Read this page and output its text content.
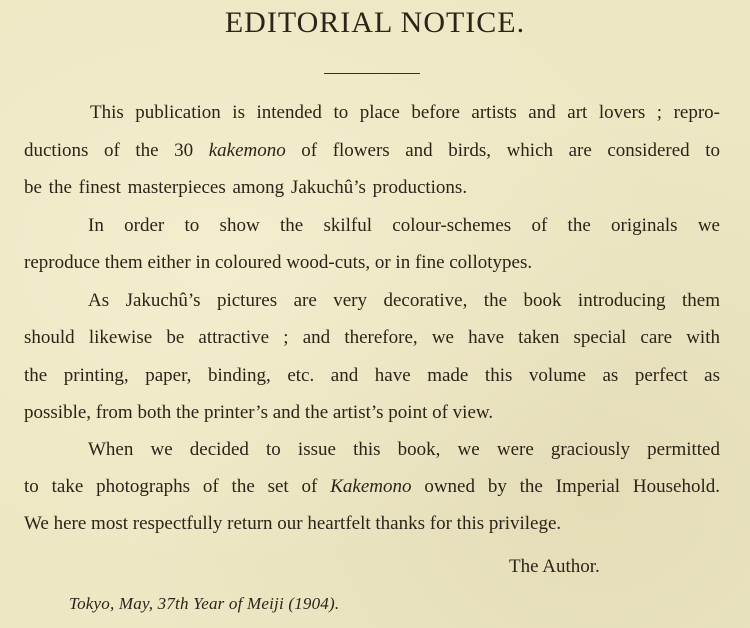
EDITORIAL NOTICE.
This publication is intended to place before artists and art lovers ; repro-
ductions of the 30 kakemono of flowers and birds, which are considered to
be the finest masterpieces among Jakuchû’s productions.
In order to show the skilful colour-schemes of the originals we
reproduce them either in coloured wood-cuts, or in fine collotypes.
As Jakuchû’s pictures are very decorative, the book introducing them
should likewise be attractive ; and therefore, we have taken special care with
the printing, paper, binding, etc. and have made this volume as perfect as
possible, from both the printer’s and the artist’s point of view.
When we decided to issue this book, we were graciously permitted
to take photographs of the set of Kakemono owned by the Imperial Household.
We here most respectfully return our heartfelt thanks for this privilege.
The Author.
Tokyo, May, 37th Year of Meiji (1904).
